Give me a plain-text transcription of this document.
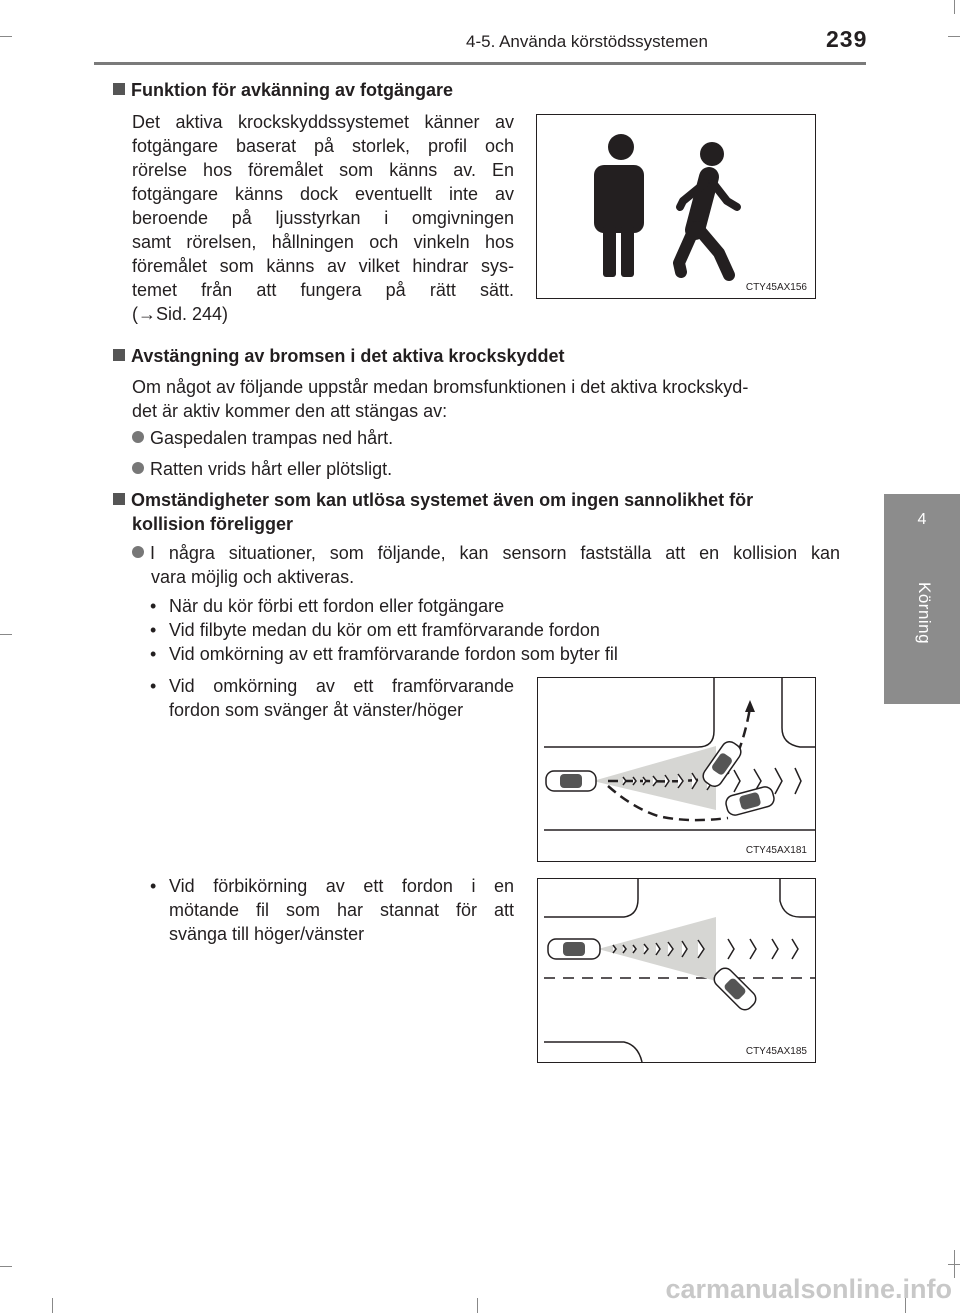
4-5. Använda körstödssystemen	239
4
Körning
Funktion för avkänning av fotgängare
Det aktiva krockskyddssystemet känner av
fotgängare baserat på storlek, profil och
rörelse hos föremålet som känns av. En
fotgängare känns dock eventuellt inte av
beroende på ljusstyrkan i omgivningen
samt rörelsen, hållningen och vinkeln hos
föremålet som känns av vilket hindrar sys-
temet från att fungera på rätt sätt.
(→Sid. 244)
CTY45AX156
Avstängning av bromsen i det aktiva krockskyddet
Om något av följande uppstår medan bromsfunktionen i det aktiva krockskyd-
det är aktiv kommer den att stängas av:
Gaspedalen trampas ned hårt.
Ratten vrids hårt eller plötsligt.
Omständigheter som kan utlösa systemet även om ingen sannolikhet för
kollision föreligger
I några situationer, som följande, kan sensorn fastställa att en kollision kan
vara möjlig och aktiveras.
• När du kör förbi ett fordon eller fotgängare
• Vid filbyte medan du kör om ett framförvarande fordon
• Vid omkörning av ett framförvarande fordon som byter fil
• Vid omkörning av ett framförvarande
fordon som svänger åt vänster/höger
CTY45AX181
• Vid förbikörning av ett fordon i en
mötande fil som har stannat för att
svänga till höger/vänster
CTY45AX185
carmanualsonline.info
